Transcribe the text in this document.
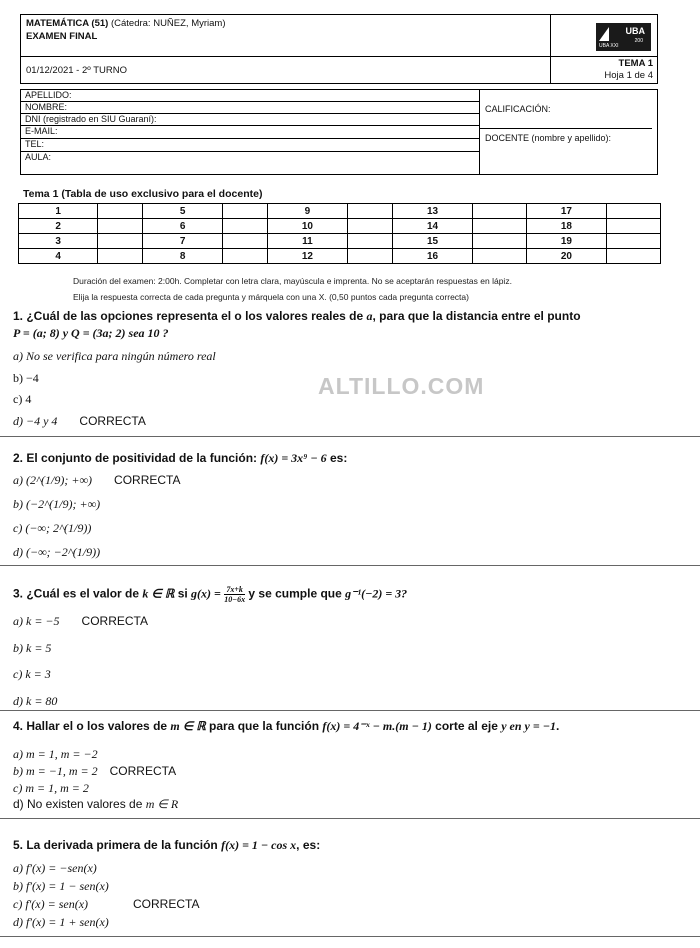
MATEMÁTICA (51) (Cátedra: NUÑEZ, Myriam)
EXAMEN FINAL	UBA
200
UBA XXI
01/12/2021 - 2º TURNO
TEMA 1
Hoja 1 de 4
APELLIDO:
NOMBRE:
DNI (registrado en SIU Guaraní):
E-MAIL:
TEL:
AULA:
CALIFICACIÓN:
DOCENTE (nombre y apellido):
Tema 1 (Tabla de uso exclusivo para el docente)
1		5		9		13		17	
2		6		10		14		18	
3		7		11		15		19	
4		8		12		16		20	
Duración del examen: 2:00h. Completar con letra clara, mayúscula e imprenta. No se aceptarán respuestas en lápiz.
Elija la respuesta correcta de cada pregunta y márquela con una X. (0,50 puntos cada pregunta correcta)
ALTILLO.COM
1. ¿Cuál de las opciones representa el o los valores reales de a, para que la distancia entre el punto
P = (a; 8) y Q = (3a; 2) sea 10 ?
a) No se verifica para ningún número real
b) −4
c) 4
d) −4 y 4 CORRECTA
2. El conjunto de positividad de la función: f(x) = 3x⁹ − 6 es:
a) (2^(1/9); +∞) CORRECTA
b) (−2^(1/9); +∞)
c) (−∞; 2^(1/9))
d) (−∞; −2^(1/9))
3. ¿Cuál es el valor de k ∈ ℝ si $g(x) = \frac{7x+k}{10-6x}$ y se cumple que g⁻¹(−2) = 3?
a) k = −5 CORRECTA
b) k = 5
c) k = 3
d) k = 80
4. Hallar el o los valores de m ∈ ℝ para que la función f(x) = 4⁻ˣ − m.(m − 1) corte al eje y en y = −1.
a) m = 1, m = −2
b) m = −1, m = 2 CORRECTA
c) m = 1, m = 2
d) No existen valores de m ∈ R
5. La derivada primera de la función f(x) = 1 − cos x, es:
a) f′(x) = −sen(x)
b) f′(x) = 1 − sen(x)
c) f′(x) = sen(x)	CORRECTA
d) f′(x) = 1 + sen(x)
